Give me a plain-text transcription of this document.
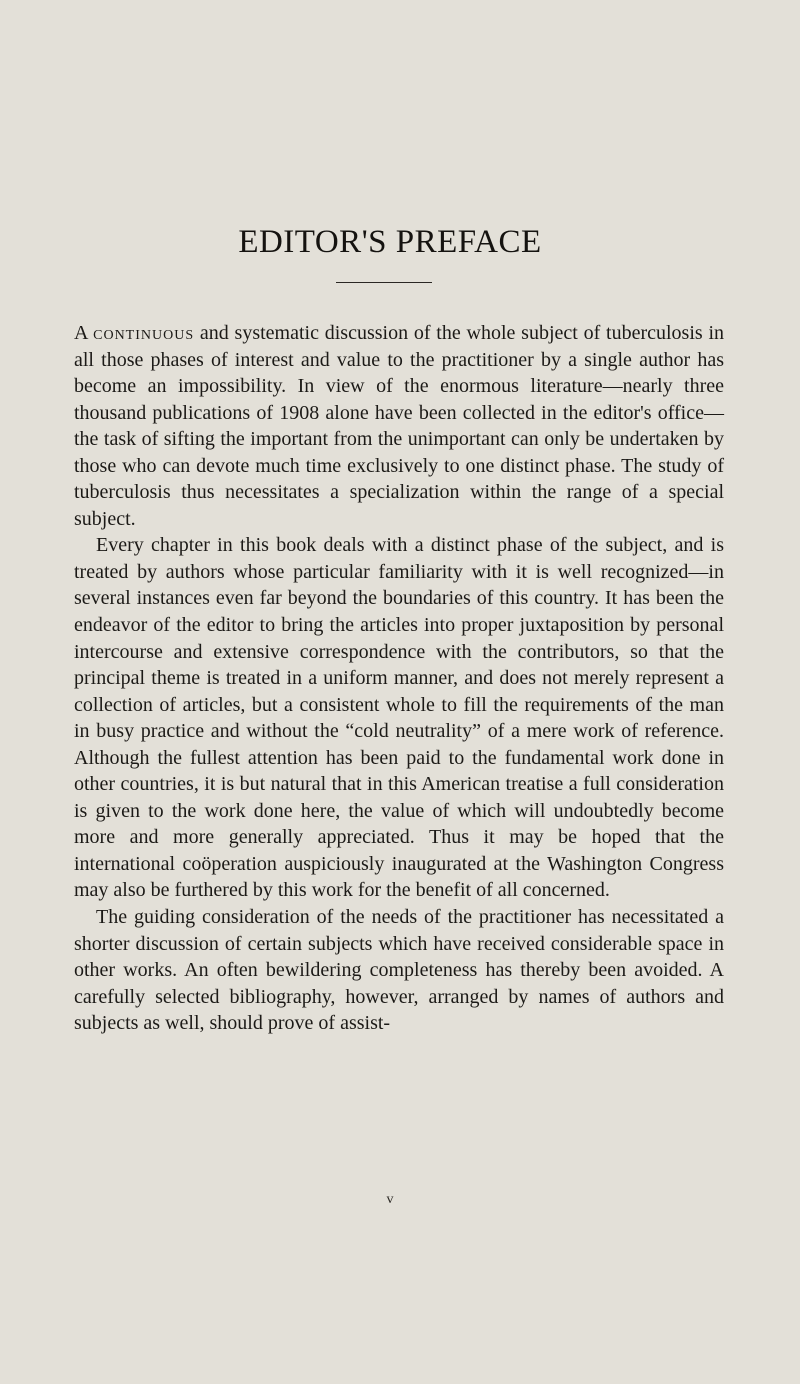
EDITOR'S PREFACE

A continuous and systematic discussion of the whole subject of tuberculosis in all those phases of interest and value to the practitioner by a single author has become an impossibility. In view of the enormous literature—nearly three thousand publications of 1908 alone have been collected in the editor's office—the task of sifting the important from the unimportant can only be undertaken by those who can devote much time exclusively to one distinct phase. The study of tuberculosis thus necessitates a specialization within the range of a special subject.

Every chapter in this book deals with a distinct phase of the subject, and is treated by authors whose particular familiarity with it is well recognized—in several instances even far beyond the boundaries of this country. It has been the endeavor of the editor to bring the articles into proper juxtaposition by personal intercourse and extensive correspondence with the contributors, so that the principal theme is treated in a uniform manner, and does not merely represent a collection of articles, but a consistent whole to fill the requirements of the man in busy practice and without the “cold neutrality” of a mere work of reference. Although the fullest attention has been paid to the fundamental work done in other countries, it is but natural that in this American treatise a full consideration is given to the work done here, the value of which will undoubtedly become more and more generally appreciated. Thus it may be hoped that the international coöperation auspiciously inaugurated at the Washington Congress may also be furthered by this work for the benefit of all concerned.

The guiding consideration of the needs of the practitioner has necessitated a shorter discussion of certain subjects which have received considerable space in other works. An often bewildering completeness has thereby been avoided. A carefully selected bibliography, however, arranged by names of authors and subjects as well, should prove of assist-

v
